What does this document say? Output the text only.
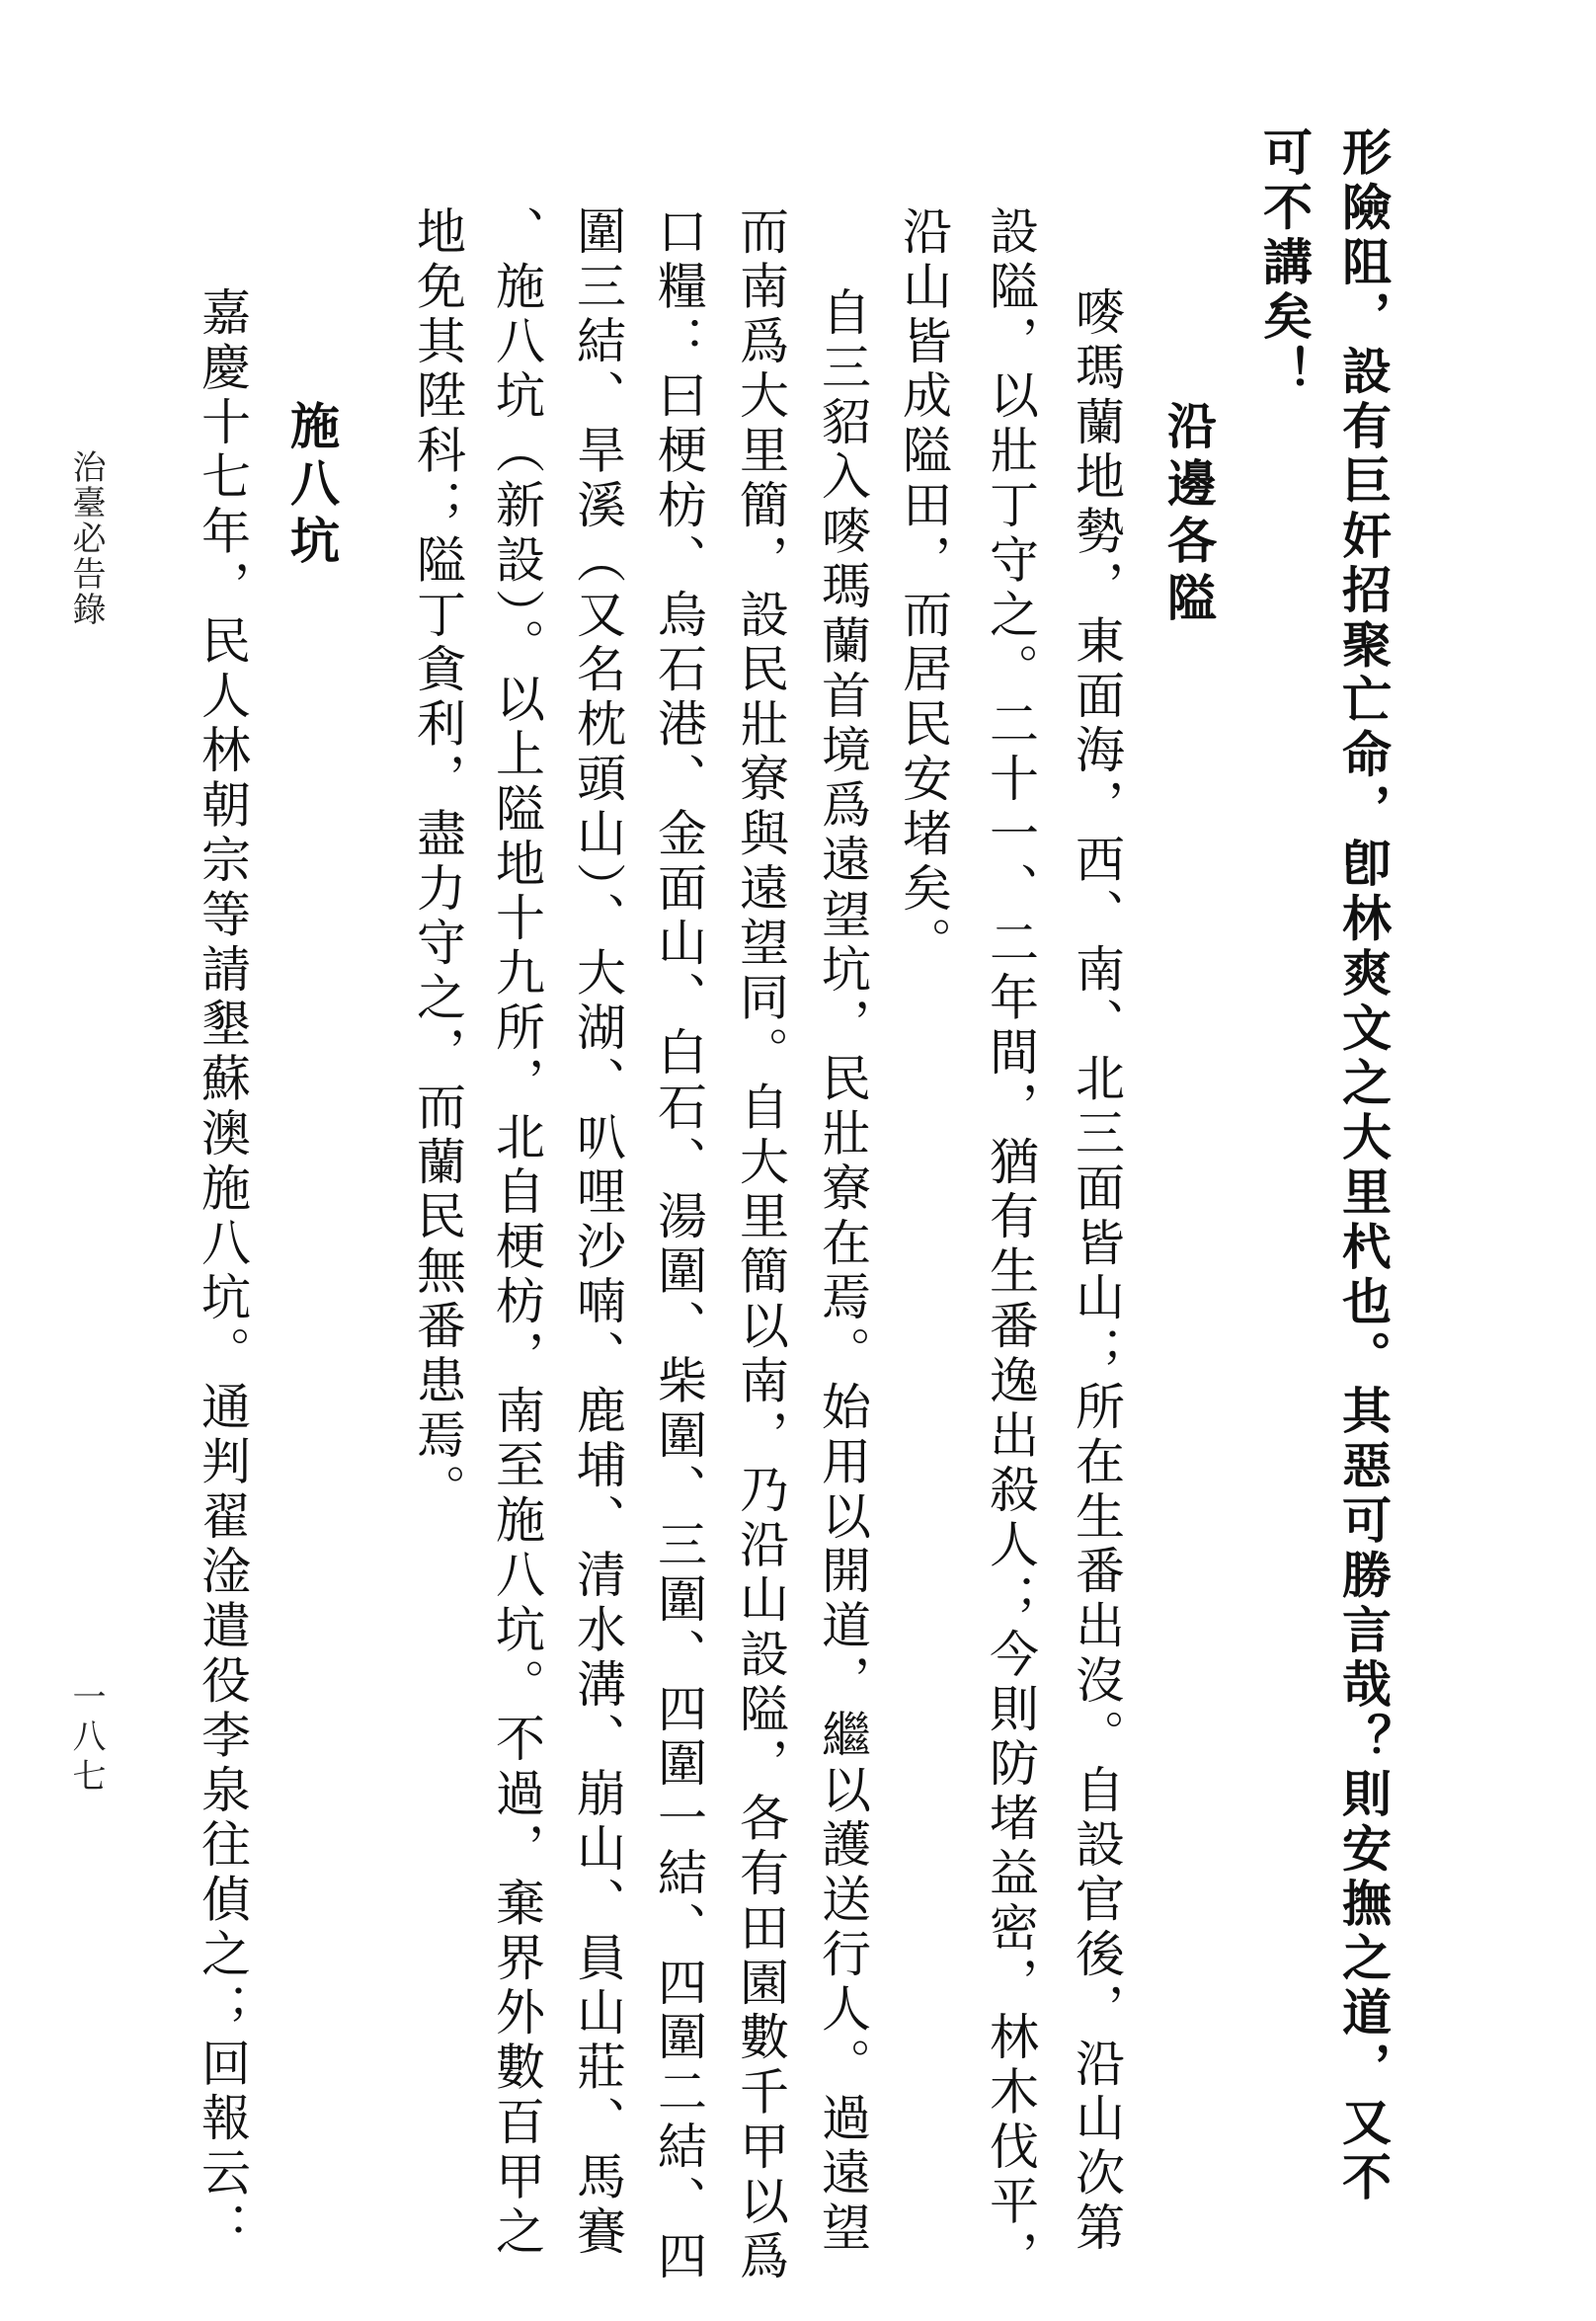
形險阻，設有巨奸招聚亡命，卽林爽文之大里杙也。其惡可勝言哉？則安撫之道，又不
可不講矣！
沿邊各隘
嘜瑪蘭地勢，東面海，西、南、北三面皆山；所在生番出沒。自設官後，沿山次第
設隘，以壯丁守之。二十一、二年間，猶有生番逸出殺人；今則防堵益密，林木伐平，
沿山皆成隘田，而居民安堵矣。
自三貂入嘜瑪蘭首境爲遠望坑，民壯寮在焉。始用以開道，繼以護送行人。過遠望
而南爲大里簡，設民壯寮與遠望同。自大里簡以南，乃沿山設隘，各有田園數千甲以爲
口糧：曰梗枋、烏石港、金面山、白石、湯圍、柴圍、三圍、四圍一結、四圍二結、四
圍三結、旱溪（又名枕頭山）、大湖、叭哩沙喃、鹿埔、清水溝、崩山、員山莊、馬賽
、施八坑（新設）。以上隘地十九所，北自梗枋，南至施八坑。不過，棄界外數百甲之
地免其陞科；隘丁貪利，盡力守之，而蘭民無番患焉。
施八坑
嘉慶十七年，民人林朝宗等請墾蘇澳施八坑。通判翟淦遣役李泉往偵之；回報云：
治臺必告錄
一八七
